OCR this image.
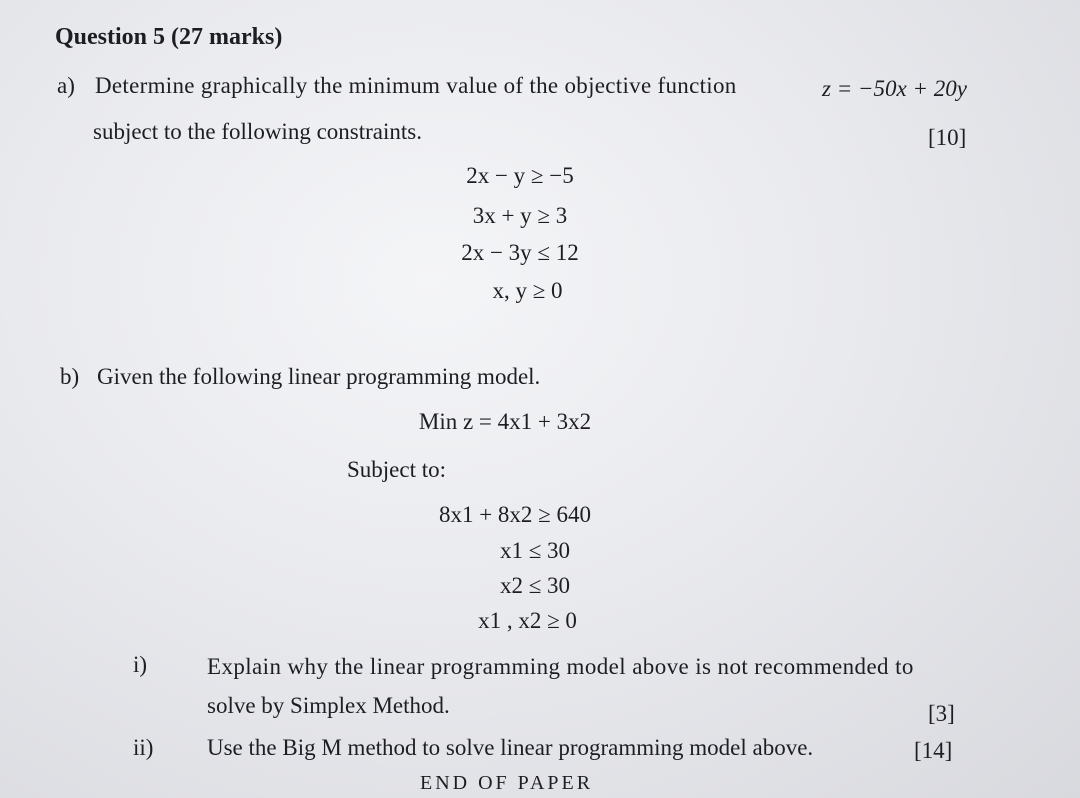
Question 5 (27 marks)
a) Determine graphically the minimum value of the objective function	z = −50x + 20y
subject to the following constraints.	[10]
2x − y ≥ −5
3x + y ≥ 3
2x − 3y ≤ 12
x, y ≥ 0
b) Given the following linear programming model.
Min z = 4x1 + 3x2
Subject to:
8x1 + 8x2 ≥ 640
x1 ≤ 30
x2 ≤ 30
x1 , x2 ≥ 0
i)	Explain why the linear programming model above is not recommended to
solve by Simplex Method.	[3]
ii) Use the Big M method to solve linear programming model above.	[14]
END OF PAPER
